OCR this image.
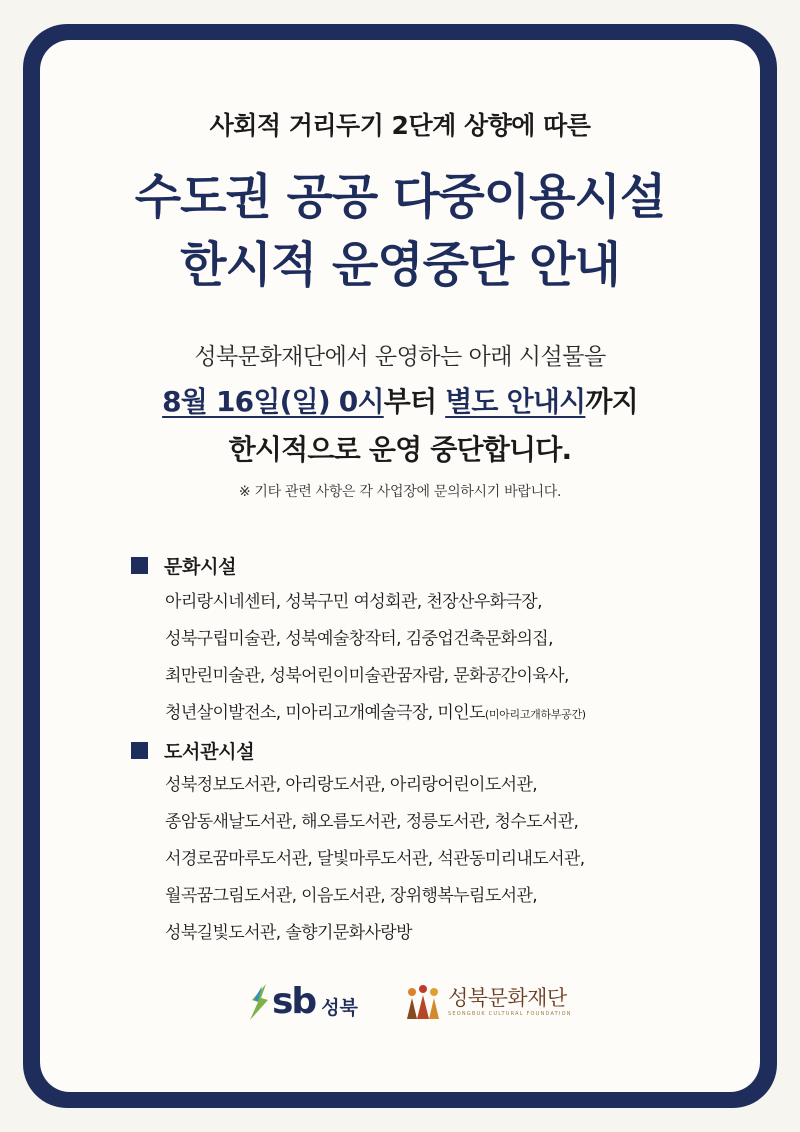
사회적 거리두기 2단계 상향에 따른
수도권 공공 다중이용시설
한시적 운영중단 안내
성북문화재단에서 운영하는 아래 시설물을
8월 16일(일) 0시부터 별도 안내시까지
한시적으로 운영 중단합니다.
※ 기타 관련 사항은 각 사업장에 문의하시기 바랍니다.
문화시설
아리랑시네센터, 성북구민 여성회관, 천장산우화극장,
성북구립미술관, 성북예술창작터, 김중업건축문화의집,
최만린미술관, 성북어린이미술관꿈자람, 문화공간이육사,
청년살이발전소, 미아리고개예술극장, 미인도(미아리고개하부공간)
도서관시설
성북정보도서관, 아리랑도서관, 아리랑어린이도서관,
종암동새날도서관, 해오름도서관, 정릉도서관, 청수도서관,
서경로꿈마루도서관, 달빛마루도서관, 석관동미리내도서관,
월곡꿈그림도서관, 이음도서관, 장위행복누림도서관,
성북길빛도서관, 솔향기문화사랑방
sb 성북	성북문화재단
SEONGBUK CULTURAL FOUNDATION
